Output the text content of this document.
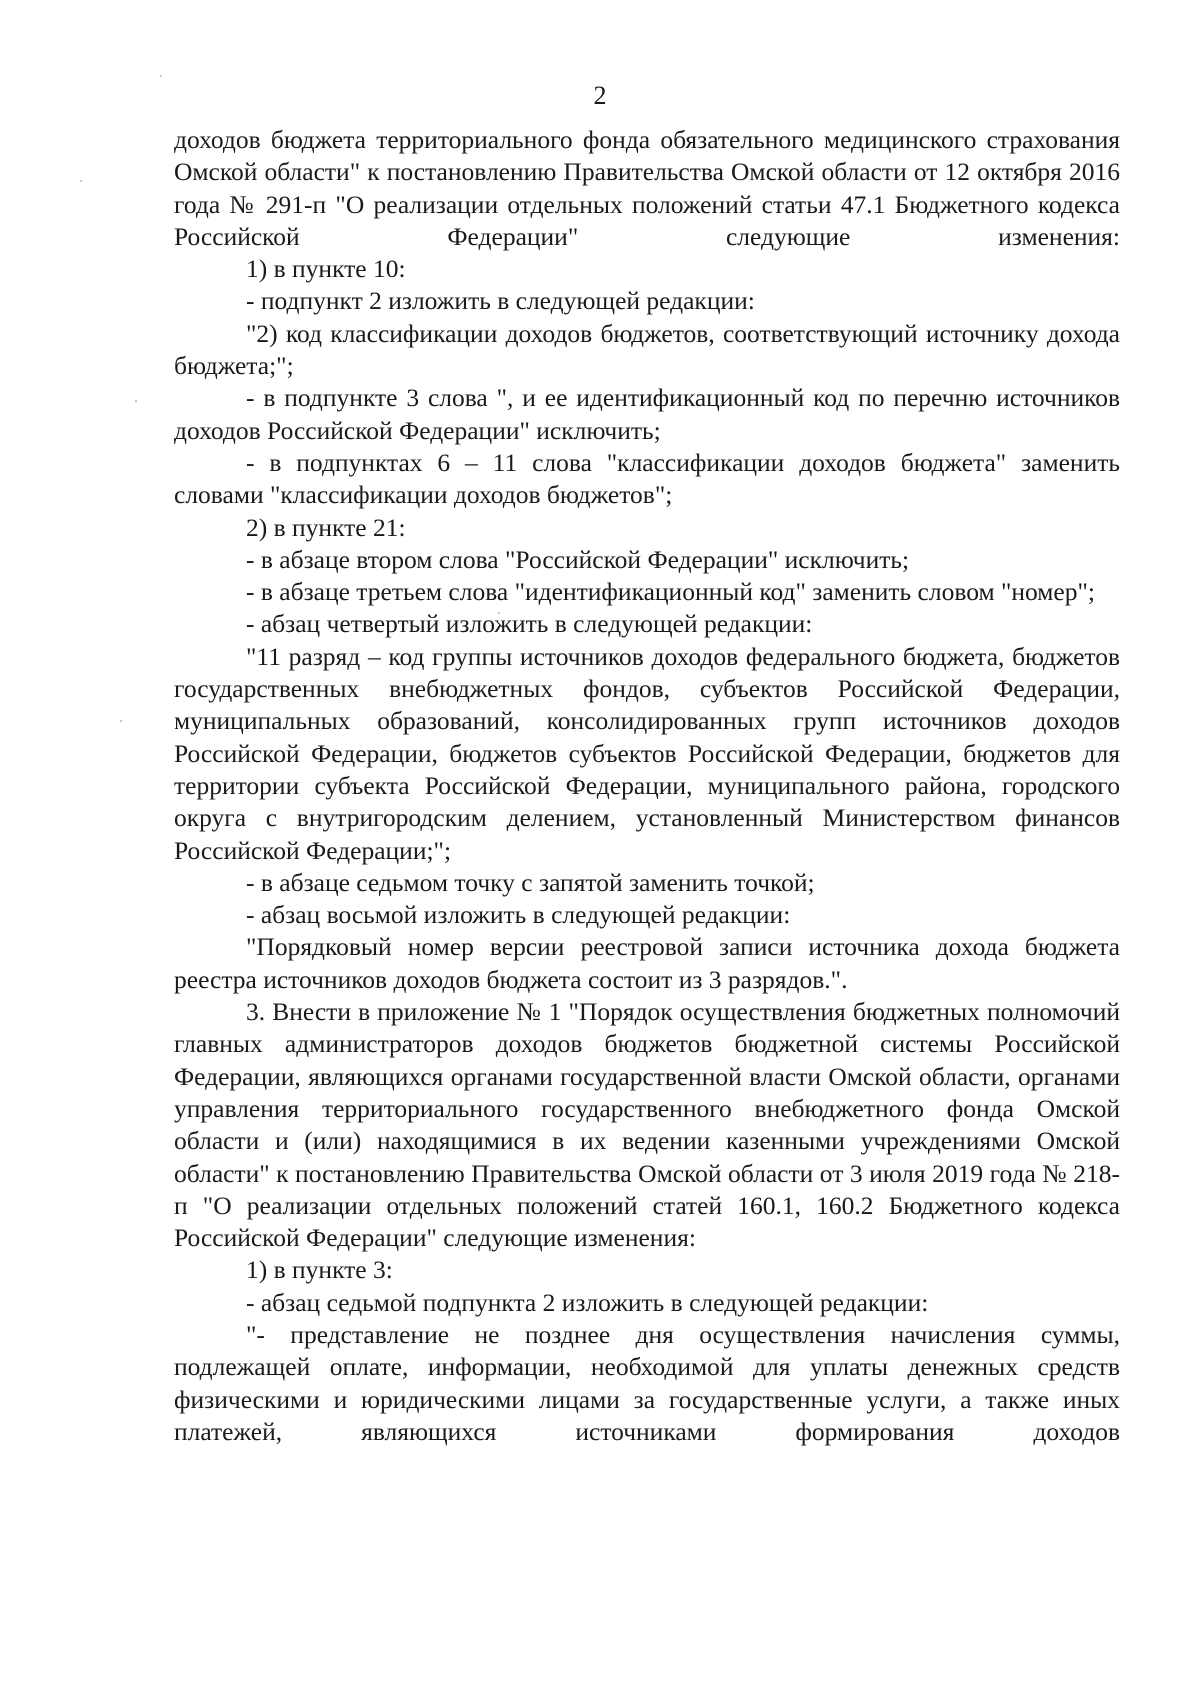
2

доходов бюджета территориального фонда обязательного медицинского страхования Омской области" к постановлению Правительства Омской области от 12 октября 2016 года № 291-п "О реализации отдельных положений статьи 47.1 Бюджетного кодекса Российской Федерации" следующие изменения:

1) в пункте 10:

- подпункт 2 изложить в следующей редакции:

"2) код классификации доходов бюджетов, соответствующий источнику дохода бюджета;";

- в подпункте 3 слова ", и ее идентификационный код по перечню источников доходов Российской Федерации" исключить;

- в подпунктах 6 – 11 слова "классификации доходов бюджета" заменить словами "классификации доходов бюджетов";

2) в пункте 21:

- в абзаце втором слова "Российской Федерации" исключить;

- в абзаце третьем слова "идентификационный код" заменить словом "номер";

- абзац четвертый изложить в следующей редакции:

"11 разряд – код группы источников доходов федерального бюджета, бюджетов государственных внебюджетных фондов, субъектов Российской Федерации, муниципальных образований, консолидированных групп источников доходов Российской Федерации, бюджетов субъектов Российской Федерации, бюджетов для территории субъекта Российской Федерации, муниципального района, городского округа с внутригородским делением, установленный Министерством финансов Российской Федерации;";

- в абзаце седьмом точку с запятой заменить точкой;

- абзац восьмой изложить в следующей редакции:

"Порядковый номер версии реестровой записи источника дохода бюджета реестра источников доходов бюджета состоит из 3 разрядов.".

3. Внести в приложение № 1 "Порядок осуществления бюджетных полномочий главных администраторов доходов бюджетов бюджетной системы Российской Федерации, являющихся органами государственной власти Омской области, органами управления территориального государственного внебюджетного фонда Омской области и (или) находящимися в их ведении казенными учреждениями Омской области" к постановлению Правительства Омской области от 3 июля 2019 года № 218-п "О реализации отдельных положений статей 160.1, 160.2 Бюджетного кодекса Российской Федерации" следующие изменения:

1) в пункте 3:

- абзац седьмой подпункта 2 изложить в следующей редакции:

"- представление не позднее дня осуществления начисления суммы, подлежащей оплате, информации, необходимой для уплаты денежных средств физическими и юридическими лицами за государственные услуги, а также иных платежей, являющихся источниками формирования доходов
